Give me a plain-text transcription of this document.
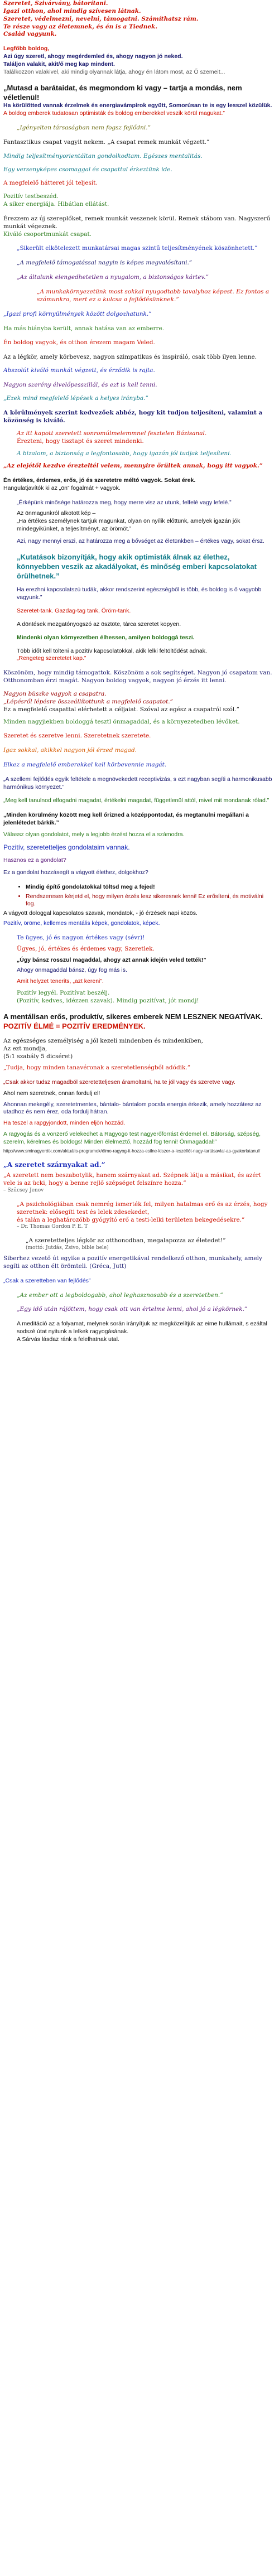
Szeretet, Szivárvány, bátorítani.

Igazi otthon, ahol mindig szívesen látnak.

Szeretet, védelmezni, nevelni, támogatni. Számíthatsz rám.

Te része vagy az életemnek, és én is a Tiednek.

Család vagyunk.

Legfőbb boldog,

Azi úgy szeretl, ahogy megérdemled és, ahogy nagyon jó neked.

Találjon valakit, akit/ő meg kap mindent.

Találkozzon valakivel, aki mindig olyannak látja, ahogy én látom most, az Ő szemeit...

„Mutasd a barátaidat, és megmondom ki vagy – tartja a mondás, nem véletlenül!

Ha körülötted vannak érzelmek és energiavámpírok együtt, Somorúsan te is egy lesszel közülük.

A boldog emberek tudatosan optimisták és boldog emberekkel veszik körül magukat.”

„Igényelten társaságban nem fogsz fejlődni.”
Fantasztikus csapat vagyit nekem. „A csapat remek munkát végzett.”

Mindig teljesítményorientáltan gondolkodtam. Egészes mentalitás.

Egy versenyképes csomaggal és csapattal érkeztünk ide.

A megfelelő hátteret jól teljesít.

Pozitív testbeszéd.

A siker energiája. Hibátlan ellátást.

Érezzem az új szereplőket, remek munkát veszenek körül. Remek stábom van. Nagyszerű munkát végeznek.

Kiváló csoportmunkát csapat.

„Sikerült elkötelezett munkatársai magas szintű teljesítményének köszönhetett.”
„A megfelelő támogatással nagyin is képes megvalósítani.”
„Az általunk elengedhetetlen a nyugalom, a biztonságos kártev.”
„A munkakörnyezetünk most sokkal nyugodtabb tavalyhoz képest. Ez fontos a számunkra, mert ez a kulcsa a fejlődésünknek.”
„Igazi profi környülmények között dolgozhatunk.”
Ha más hiányba került, annak hatása van az emberre.
Én boldog vagyok, és otthon érezem magam Veled.

Az a légkör, amely körbevesz, nagyon szimpatikus és inspiráló, csak több ilyen lenne.

Abszolút kiváló munkát végzett, és érződik is rajta.

Nagyon szerény élvelőpesszillál, és ezt is kell tenni.

„Ezek mind megfelelő lépések a helyes irányba.”

A körülmények szerint kedvezőek abbéz, hogy kit tudjon teljesíteni, valamint a közönség is kiváló.

Az itt kapott szeretett sonromúlmelemmnel fesztelen Bázisanal.

Érezteni, hogy tisztapt és szeret mindenki.

A bizalom, a biztonság a legfontosabb, hogy igazán jól tudjak teljesíteni.

„Az elejétől kezdve érezteltél velem, mennyire örültek annak, hogy itt vagyok.”

Én értékes, érdemes, erős, jó és szeretetre méltó vagyok. Sokat érek.

Hangulatjavítók ki az „ön” fogalmát + vagyok.

„Érképünk minősége határozza meg, hogy merre visz az utunk, felfelé vagy lefelé.”

Az önmagunkról alkotott kép –

„Ha értékes személynek tartjuk magunkat, olyan ön nyílik előttünk, amelyek igazán jók mindegyikünket, a teljesítményt, az örömöt.”

Azi, nagy mennyi erszi, az határozza meg a bővséget az életünkben – értékes vagy, sokat érsz.

„Kutatások bizonyítják, hogy akik optimisták álnak az élethez, könnyebben veszik az akadályokat, és minőség emberi kapcsolatokat örülhetnek.”

Ha erezhni kapcsolatszú tudák, akkor rendszerint egészségből is több, és boldog is ő vagyobb vagyunk.”

Szeretet-tank. Gazdag-tag tank, Öröm-tank.

A döntések mezgatónyogszó az ösztöte, tárca szeretet kopyen.

Mindenki olyan környezetben élhessen, amilyen boldoggá teszi.

Több időt kell tölteni a pozitív kapcsolatokkal, akik lelki feltöltődést adnak.

„Rengeteg szeretetet kap.”

Köszönöm, hogy mindig támogattok. Köszönöm a sok segítséget. Nagyon jó csapatom van.

Otthonomban érzi magát. Nagyon boldog vagyok, nagyon jó érzés itt lenni.

Nagyon büszke vagyok a csapatra.

„Lépésről lépésre összeállítottunk a megfelelő csapatot.”

Ez a megfelelő csapattal elérhetett a céljaiat. Szóval az egész a csapatról szól.”

Minden nagyjiekben boldoggá tesztl önmagaddal, és a környezetedben lévőket.

Szeretet és szeretve lenni. Szeretetnek szeretete.
Igaz sokkal, akikkel nagyon jól érzed magad.
Elkez a megfelelő emberekkel kell körbevennie magát.

„A szellemi fejlődés egyik feltétele a megnövekedett receptivizás, s ezt nagyban segíti a harmonikusabb harmónikus környezet.”

„Meg kell tanulnod elfogadni magadat, értékelni magadat, függetlenül attól, mivel mit mondanak rólad.”

„Minden körülmény között meg kell őrizned a középpontodat, és megtanulni megállani a jelenlétedet bárkik.”

Válassz olyan gondolatot, mely a legjobb érzést hozza el a számodra.

Pozitív, szeretetteljes gondolataim vannak.

Hasznos ez a gondolat?

Ez a gondolat hozzásegít a vágyott élethez, dolgokhoz?

• Mindig építő gondolatokkal töltsd meg a fejed!
• Rendszeresen kérjetd el, hogy milyen érzés lesz sikeresnek lenni! Ez erősíteni, és motiválni fog.

A vágyott dologgal kapcsolatos szavak, mondatok, - jó érzések napi közös.

Pozitív, öröme, kellemes mentális képek, gondolatok, képek.

Te ügyes, jó és nagyon értékes vagy (sévr)!

Ügyes, jó, értékes és érdemes vagy, Szeretlek.

„Úgy bánsz rosszul magaddal, ahogy azt annak idején veled tették!”

Ahogy önmagaddal bánsz, úgy fog más is.

Amit helyzet tenerits, „azt kereni”.

Pozitív legyél. Pozitívat beszélj.

(Pozitív, kedves, idézzen szavak). Mindig pozitívat, jót mondj!

A mentálisan erős, produktív, sikeres emberek NEM LESZNEK NEGATÍVAK.

POZITÍV ÉLMÉ = POZITÍV EREDMÉNYEK.

Az egészséges személyiség a jól kezeli mindenben és mindenkiben,

Az ezt mondja,

(5:1 szabály 5 dicséret)

„Tudja, hogy minden tanavéronak a szeretetlenségből adódik.”

„Csak akkor tudsz magadból szeretetteljesen áramoltatni, ha te jól vagy és szeretve vagy.

Ahol nem szeretnek, onnan fordulj el!

Ahonnan mekegély, szeretetmentes, bántalo- bántalom pocsfa energia érkezik, amely hozzátesz az utadhoz és nem érez, oda fordulj hátran.

Ha teszel a rapgyjondott, minden eljön hozzád.

A ragyogás és a vonzerő velekedhet a Ragyogo test nagyerőforrást érdemel el. Bátorság, szépség, szerelm, kérelmes és boldogs! Minden élelmeztő, hozzád fog tenni! Önmagaddal!”

http://www.sminagyerótk.com/aktuális-programok/élmo-ragyog-it-hozza-esilne-kiszer-a-leszéllót-nagy-tartásavlal-as-gyakorlatanul/

„A szeretet szárnyakat ad.”

„A szeretett nem beszabotylik, hanem szárnyakat ad. Szépnek látja a másikat, és azért vele is az ücki, hogy a benne rejlő szépséget felszínre hozza.”

– Szűcsey Jenov

„A pszichológiában csak nemrég ismerték fel, milyen hatalmas erő és az érzés, hogy szeretnek: elősegíti test és lelek zdesekedet,

és talán a leghatározóbb gyógyító erő a testi-lelki területen bekegedésekre.”

– Dr. Thomas Gordon P. E. T

„A szeretetteljes légkör az otthonodban, megalapozza az életedet!”

(mottó: Jutdás, Zsivo, bible bele)

Siberhez vezető út egyike a pozitív energetikával rendelkező otthon, munkahely, amely segíti az otthon élt örömteli. (Gréca, Jutt)

„Csak a szeretteben van fejlődés”
„Az ember ott a legboldogabb, ahol leghasznosabb és a szeretetben.”
„Egy idő után rájöttem, hogy csak ott van értelme lenni, ahol jó a légkörnek.”

A meditáció az a folyamat, melynek során irányítjuk az megközelítjük az eime hullámait, s ezáltal sodszé útat nyitunk a lelkek ragyogásának.

A Sárvás lásdaz ránk a felelhatnak utal.
